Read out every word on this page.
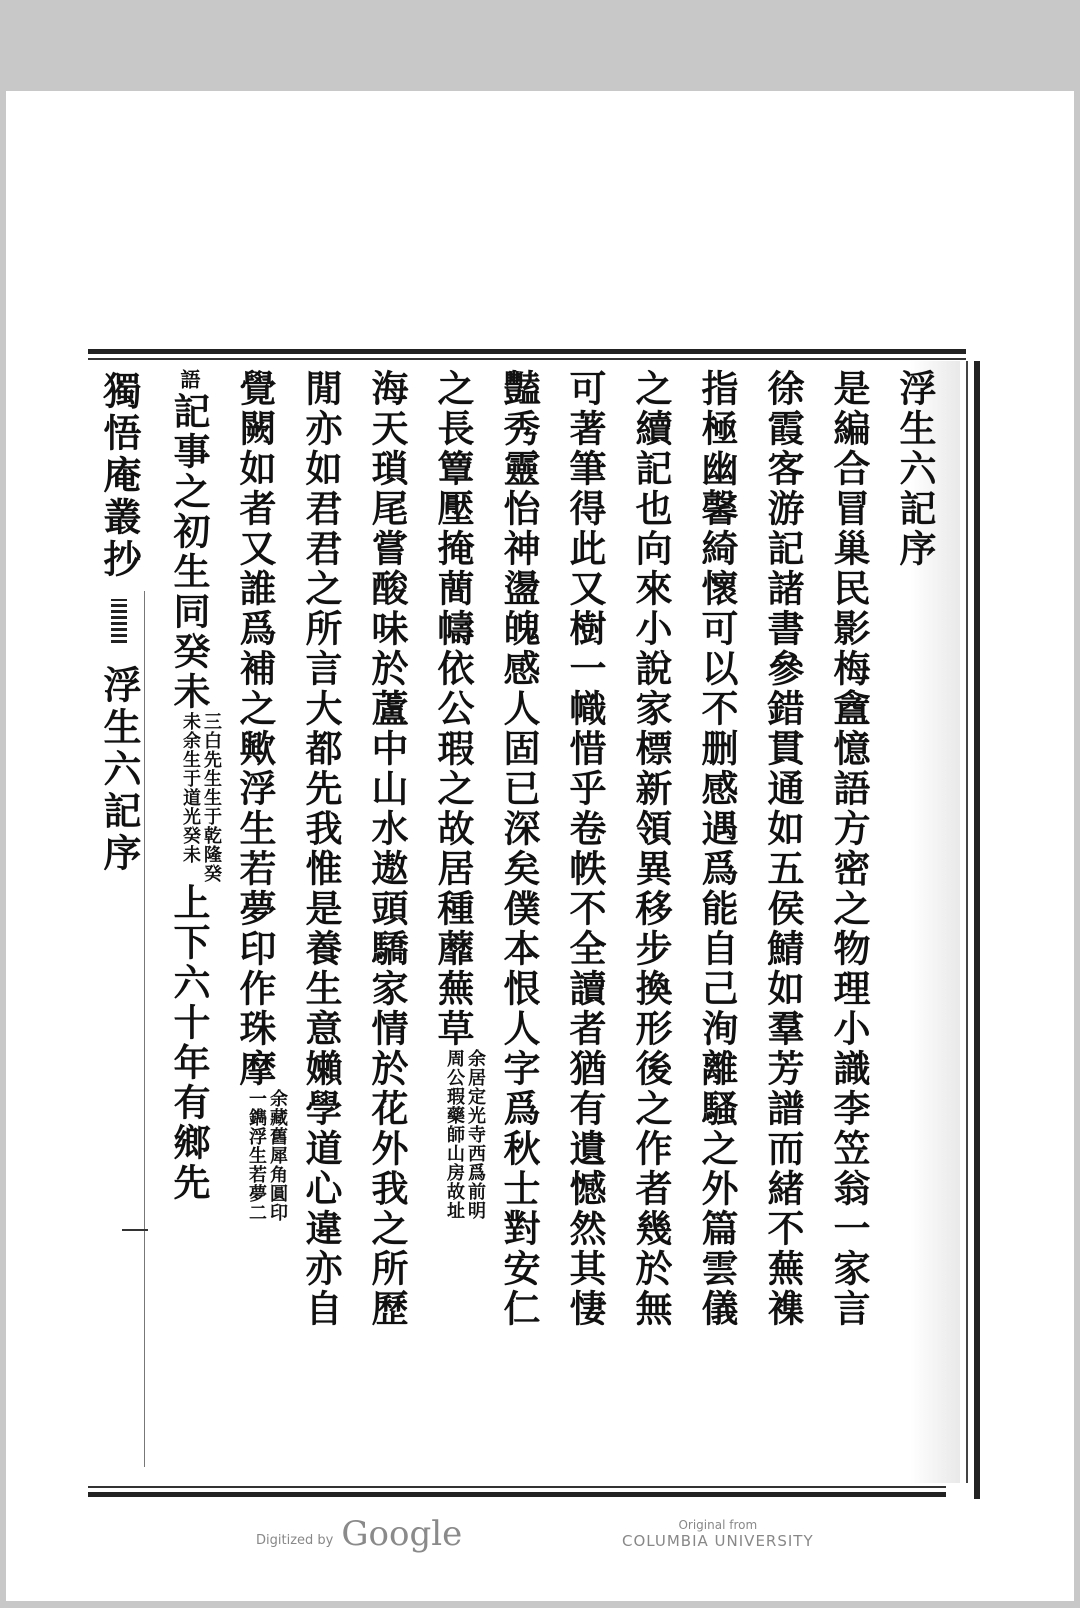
浮生六記序
是編合冒巢民影梅盦憶語方密之物理小識李笠翁一家言
徐霞客游記諸書參錯貫通如五侯鯖如羣芳譜而緒不蕪襍
指極幽馨綺懷可以不删感遇爲能自己洵離騷之外篇雲儀
之續記也向來小說家標新領異移步換形後之作者幾於無
可著筆得此又樹一幟惜乎卷帙不全讀者猶有遺憾然其悽
豔秀靈怡神盪魄感人固已深矣僕本恨人字爲秋士對安仁
之長簟壓掩蕳幬依公瑕之故居種蘼蕪草
余居定光寺西爲前明
周公瑕藥師山房故址
海天瑣尾嘗酸味於蘆中山水遨頭驕家情於花外我之所歷
閒亦如君君之所言大都先我惟是養生意嬾學道心違亦自
覺闕如者又誰爲補之歟浮生若夢印作珠摩
余藏舊犀角圓印
一鐫浮生若夢二
語記事之初生同癸未
三白先生生于乾隆癸
未余生于道光癸未
上下六十年有鄉先
獨悟庵叢抄浮生六記序
Digitized by Google	Original from
COLUMBIA UNIVERSITY
